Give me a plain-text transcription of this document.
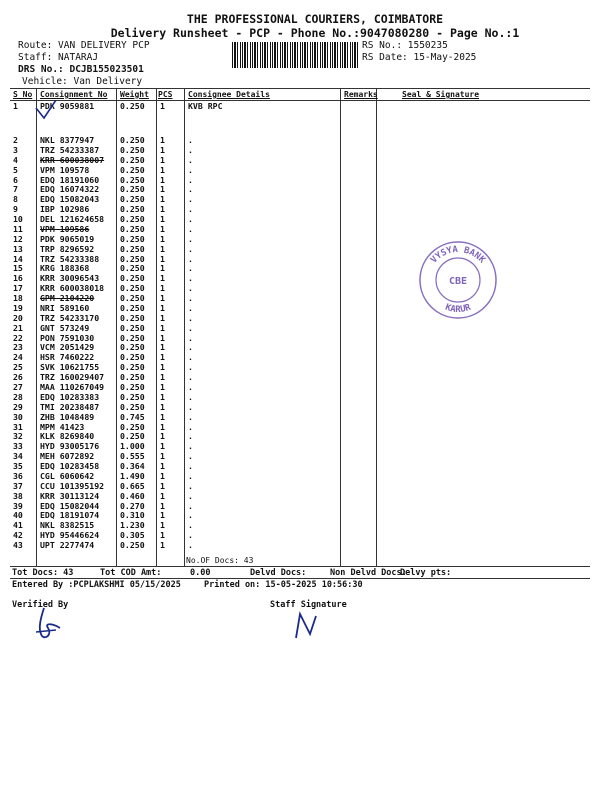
THE PROFESSIONAL COURIERS, COIMBATORE
Delivery Runsheet - PCP - Phone No.:9047080280 - Page No.:1
Route: VAN DELIVERY PCP
Staff: NATARAJ
DRS No.: DCJB155023501
Vehicle: Van Delivery
RS No.: 1550235
RS Date: 15-May-2025
S No Consignment No Weight PCS Consignee Details	Remarks	Seal & Signature
1	PDK 9059881	0.250 1	KVB RPC
2	NKL 8377947	0.250 1	.
3	TRZ 54233387	0.250 1	.
4	KRR 600038007 0.250 1	.
5	VPM 109578	0.250 1	.
6	EDQ 18191060	0.250 1	.
7	EDQ 16074322	0.250 1	.
8	EDQ 15082043	0.250 1	.
9	IBP 102986	0.250 1	.
10 DEL 121624658 0.250 1	.
11 VPM 109586	0.250 1	.
12 PDK 9065019	0.250 1	.
13 TRP 8296592	0.250 1	.
14 TRZ 54233388	0.250 1	.
15 KRG 188368	0.250 1	.
16 KRR 30096543	0.250 1	.
17 KRR 600038018 0.250 1	.
18 GPM 2104220	0.250 1	.
19 NRI 589160	0.250 1	.
20 TRZ 54233170	0.250 1	.
21 GNT 573249	0.250 1	.
22 PON 7591030	0.250 1	.
23 VCM 2051429	0.250 1	.
24 HSR 7460222	0.250 1	.
25 SVK 10621755	0.250 1	.
26 TRZ 160029407 0.250 1	.
27 MAA 110267049 0.250 1	.
28 EDQ 10283383	0.250 1	.
29 TMI 20238487	0.250 1	.
30 ZHB 1048489	0.745 1	.
31 MPM 41423	0.250 1	.
32 KLK 8269840	0.250 1	.
33 HYD 93005176	1.000 1	.
34 MEH 6072892	0.555 1	.
35 EDQ 10283458	0.364 1	.
36 CGL 6060642	1.490 1	.
37 CCU 101395192 0.665 1	.
38 KRR 30113124	0.460 1	.
39 EDQ 15082044	0.270 1	.
40 EDQ 18191074	0.310 1	.
41 NKL 8382515	1.230 1	.
42 HYD 95446624	0.305 1	.
43 UPT 2277474	0.250 1	.
No.OF Docs: 43
Tot Docs: 43	Tot COD Amt:	0.00	Delvd Docs:	Non Delvd Docs:
Delvy pts:
Entered By :PCPLAKSHMI 05/15/2025	Printed on: 15-05-2025 10:56:30
Verified By	Staff Signature
VYSYA BANK
KARUR
CBE
